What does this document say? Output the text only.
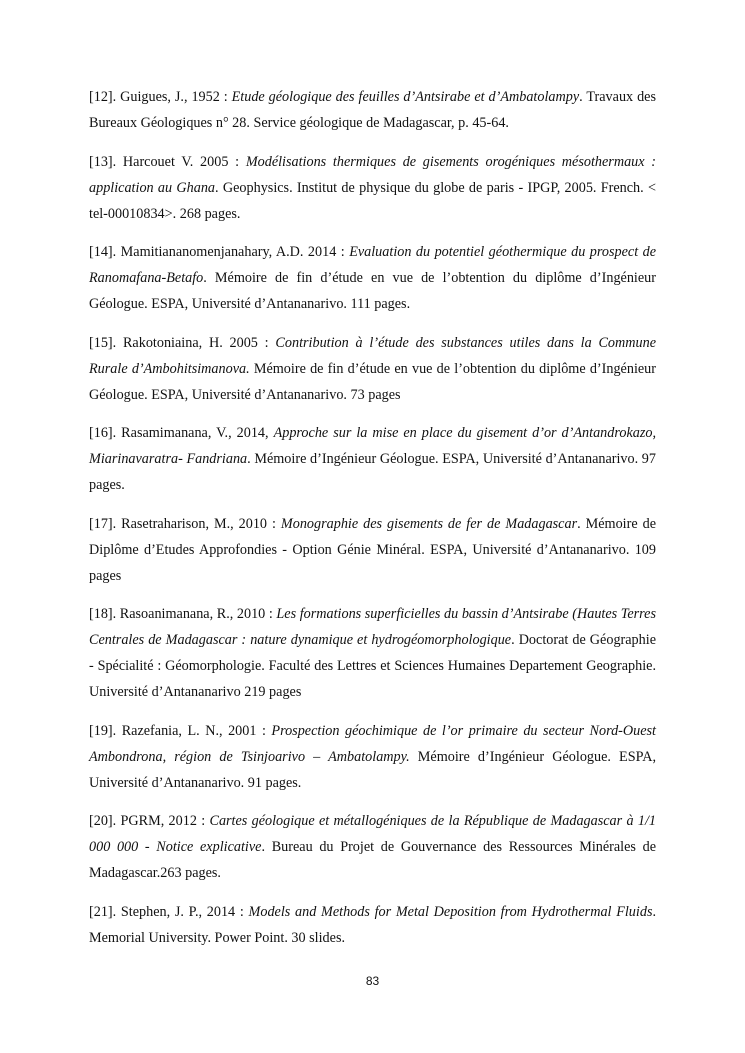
[12]. Guigues, J., 1952 : Etude géologique des feuilles d’Antsirabe et d’Ambatolampy. Travaux des Bureaux Géologiques n° 28. Service géologique de Madagascar, p. 45-64.

[13]. Harcouet V. 2005 : Modélisations thermiques de gisements orogéniques mésothermaux : application au Ghana. Geophysics. Institut de physique du globe de paris - IPGP, 2005. French. < tel-00010834>. 268 pages.

[14]. Mamitiananomenjanahary, A.D. 2014 : Evaluation du potentiel géothermique du prospect de Ranomafana-Betafo. Mémoire de fin d’étude en vue de l’obtention du diplôme d’Ingénieur Géologue. ESPA, Université d’Antananarivo. 111 pages.

[15]. Rakotoniaina, H. 2005 : Contribution à l’étude des substances utiles dans la Commune Rurale d’Ambohitsimanova. Mémoire de fin d’étude en vue de l’obtention du diplôme d’Ingénieur Géologue. ESPA, Université d’Antananarivo. 73 pages

[16]. Rasamimanana, V., 2014, Approche sur la mise en place du gisement d’or d’Antandrokazo, Miarinavaratra- Fandriana. Mémoire d’Ingénieur Géologue. ESPA, Université d’Antananarivo. 97 pages.

[17]. Rasetraharison, M., 2010 : Monographie des gisements de fer de Madagascar. Mémoire de Diplôme d’Etudes Approfondies - Option Génie Minéral. ESPA, Université d’Antananarivo. 109 pages

[18]. Rasoanimanana, R., 2010 : Les formations superficielles du bassin d’Antsirabe (Hautes Terres Centrales de Madagascar : nature dynamique et hydrogéomorphologique. Doctorat de Géographie - Spécialité : Géomorphologie. Faculté des Lettres et Sciences Humaines Departement Geographie. Université d’Antananarivo 219 pages

[19]. Razefania, L. N., 2001 : Prospection géochimique de l’or primaire du secteur Nord-Ouest Ambondrona, région de Tsinjoarivo – Ambatolampy. Mémoire d’Ingénieur Géologue. ESPA, Université d’Antananarivo. 91 pages.

[20]. PGRM, 2012 : Cartes géologique et métallogéniques de la République de Madagascar à 1/1 000 000 - Notice explicative. Bureau du Projet de Gouvernance des Ressources Minérales de Madagascar.263 pages.

[21]. Stephen, J. P., 2014 : Models and Methods for Metal Deposition from Hydrothermal Fluids. Memorial University. Power Point. 30 slides.

83
